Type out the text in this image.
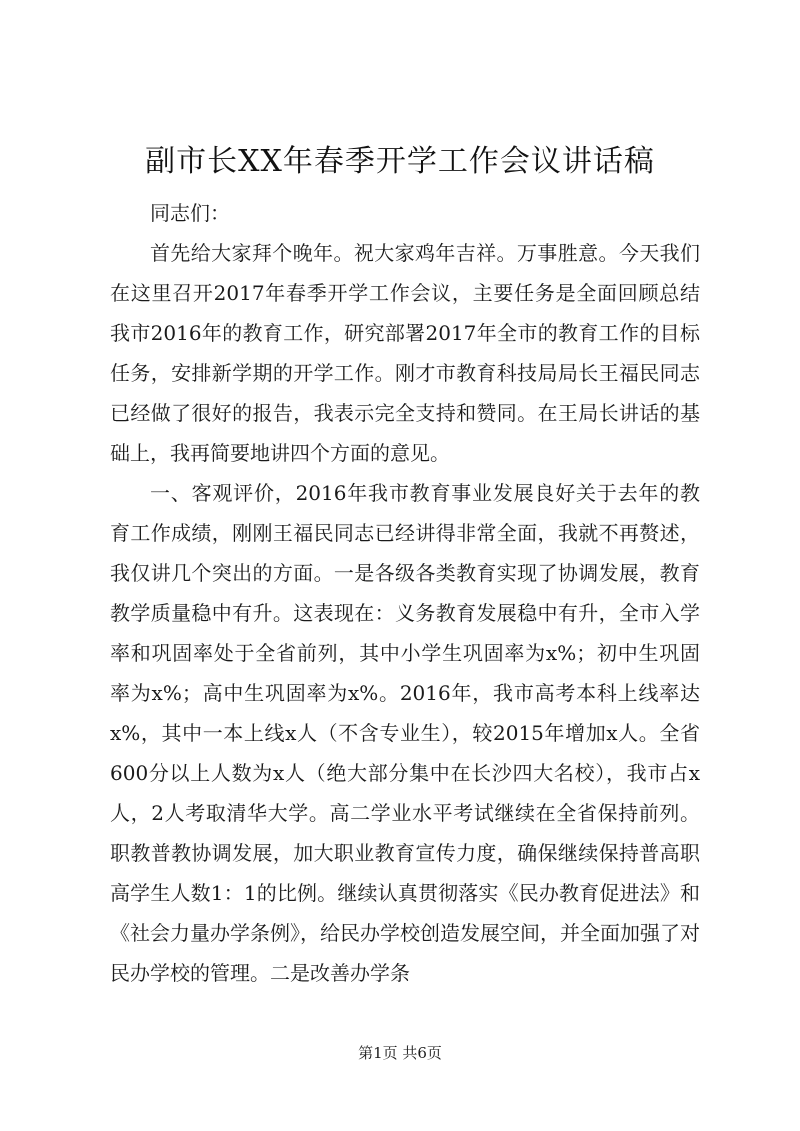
副市长XX年春季开学工作会议讲话稿

同志们：

首先给大家拜个晚年。祝大家鸡年吉祥。万事胜意。今天我们在这里召开2017年春季开学工作会议，主要任务是全面回顾总结我市2016年的教育工作，研究部署2017年全市的教育工作的目标任务，安排新学期的开学工作。刚才市教育科技局局长王福民同志已经做了很好的报告，我表示完全支持和赞同。在王局长讲话的基础上，我再简要地讲四个方面的意见。

一、客观评价，2016年我市教育事业发展良好关于去年的教育工作成绩，刚刚王福民同志已经讲得非常全面，我就不再赘述，我仅讲几个突出的方面。一是各级各类教育实现了协调发展，教育教学质量稳中有升。这表现在：义务教育发展稳中有升，全市入学率和巩固率处于全省前列，其中小学生巩固率为x%；初中生巩固率为x%；高中生巩固率为x%。2016年，我市高考本科上线率达x%，其中一本上线x人（不含专业生），较2015年增加x人。全省600分以上人数为x人（绝大部分集中在长沙四大名校），我市占x人，2人考取清华大学。高二学业水平考试继续在全省保持前列。职教普教协调发展，加大职业教育宣传力度，确保继续保持普高职高学生人数1：1的比例。继续认真贯彻落实《民办教育促进法》和《社会力量办学条例》，给民办学校创造发展空间，并全面加强了对民办学校的管理。二是改善办学条

第1页 共6页
